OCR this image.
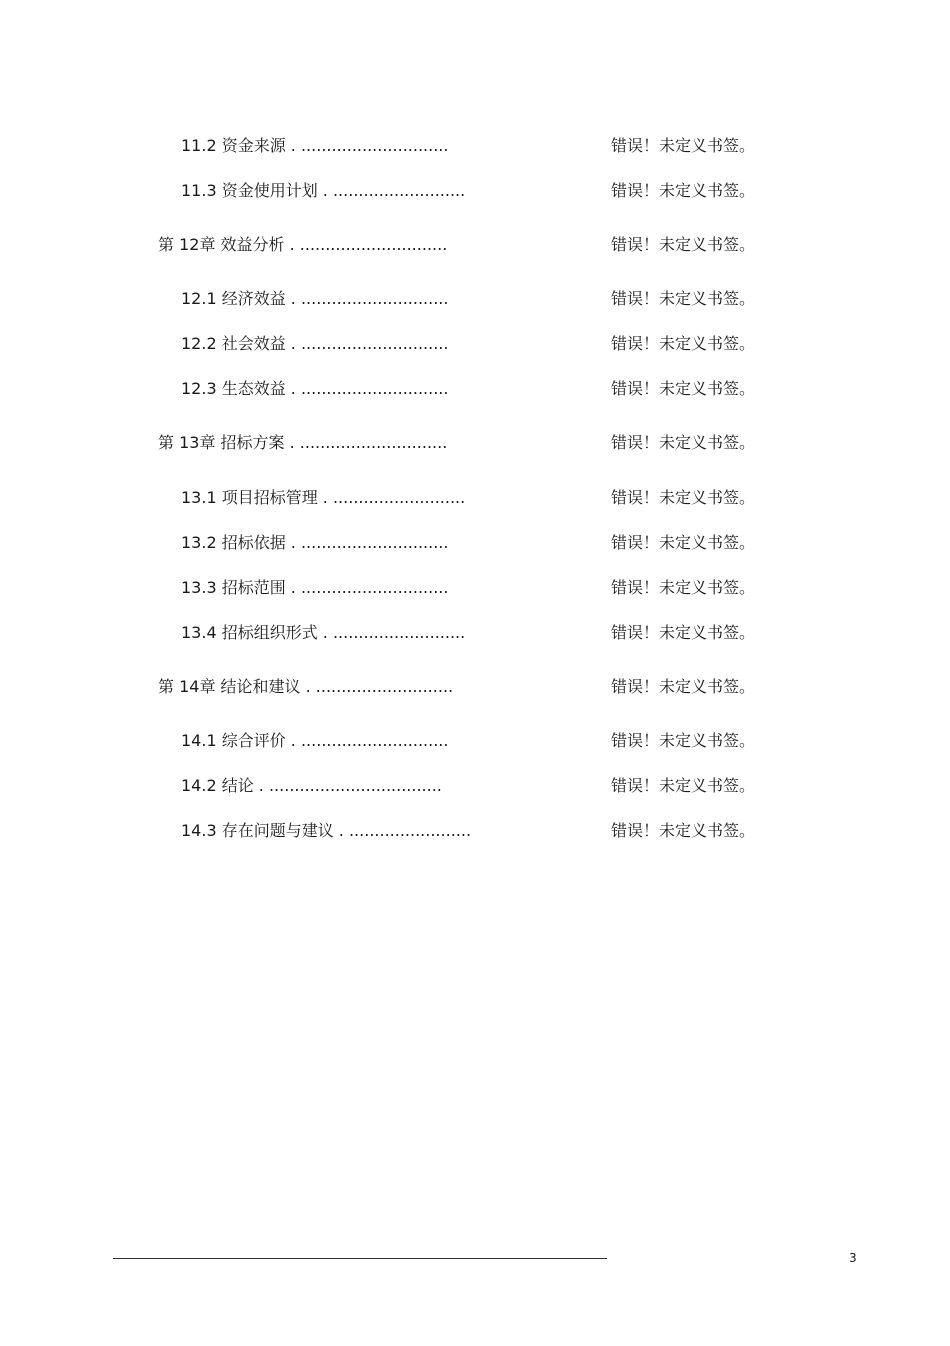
11.2 资金来源 . .............................	错误！未定义书签。
11.3 资金使用计划 . ..........................	错误！未定义书签。
第 12章 效益分析 . .............................	错误！未定义书签。
12.1 经济效益 . .............................	错误！未定义书签。
12.2 社会效益 . .............................	错误！未定义书签。
12.3 生态效益 . .............................	错误！未定义书签。
第 13章 招标方案 . .............................	错误！未定义书签。
13.1 项目招标管理 . ..........................	错误！未定义书签。
13.2 招标依据 . .............................	错误！未定义书签。
13.3 招标范围 . .............................	错误！未定义书签。
13.4 招标组织形式 . ..........................	错误！未定义书签。
第 14章 结论和建议 . ...........................	错误！未定义书签。
14.1 综合评价 . .............................	错误！未定义书签。
14.2 结论 . ..................................	错误！未定义书签。
14.3 存在问题与建议 . ........................	错误！未定义书签。
3
